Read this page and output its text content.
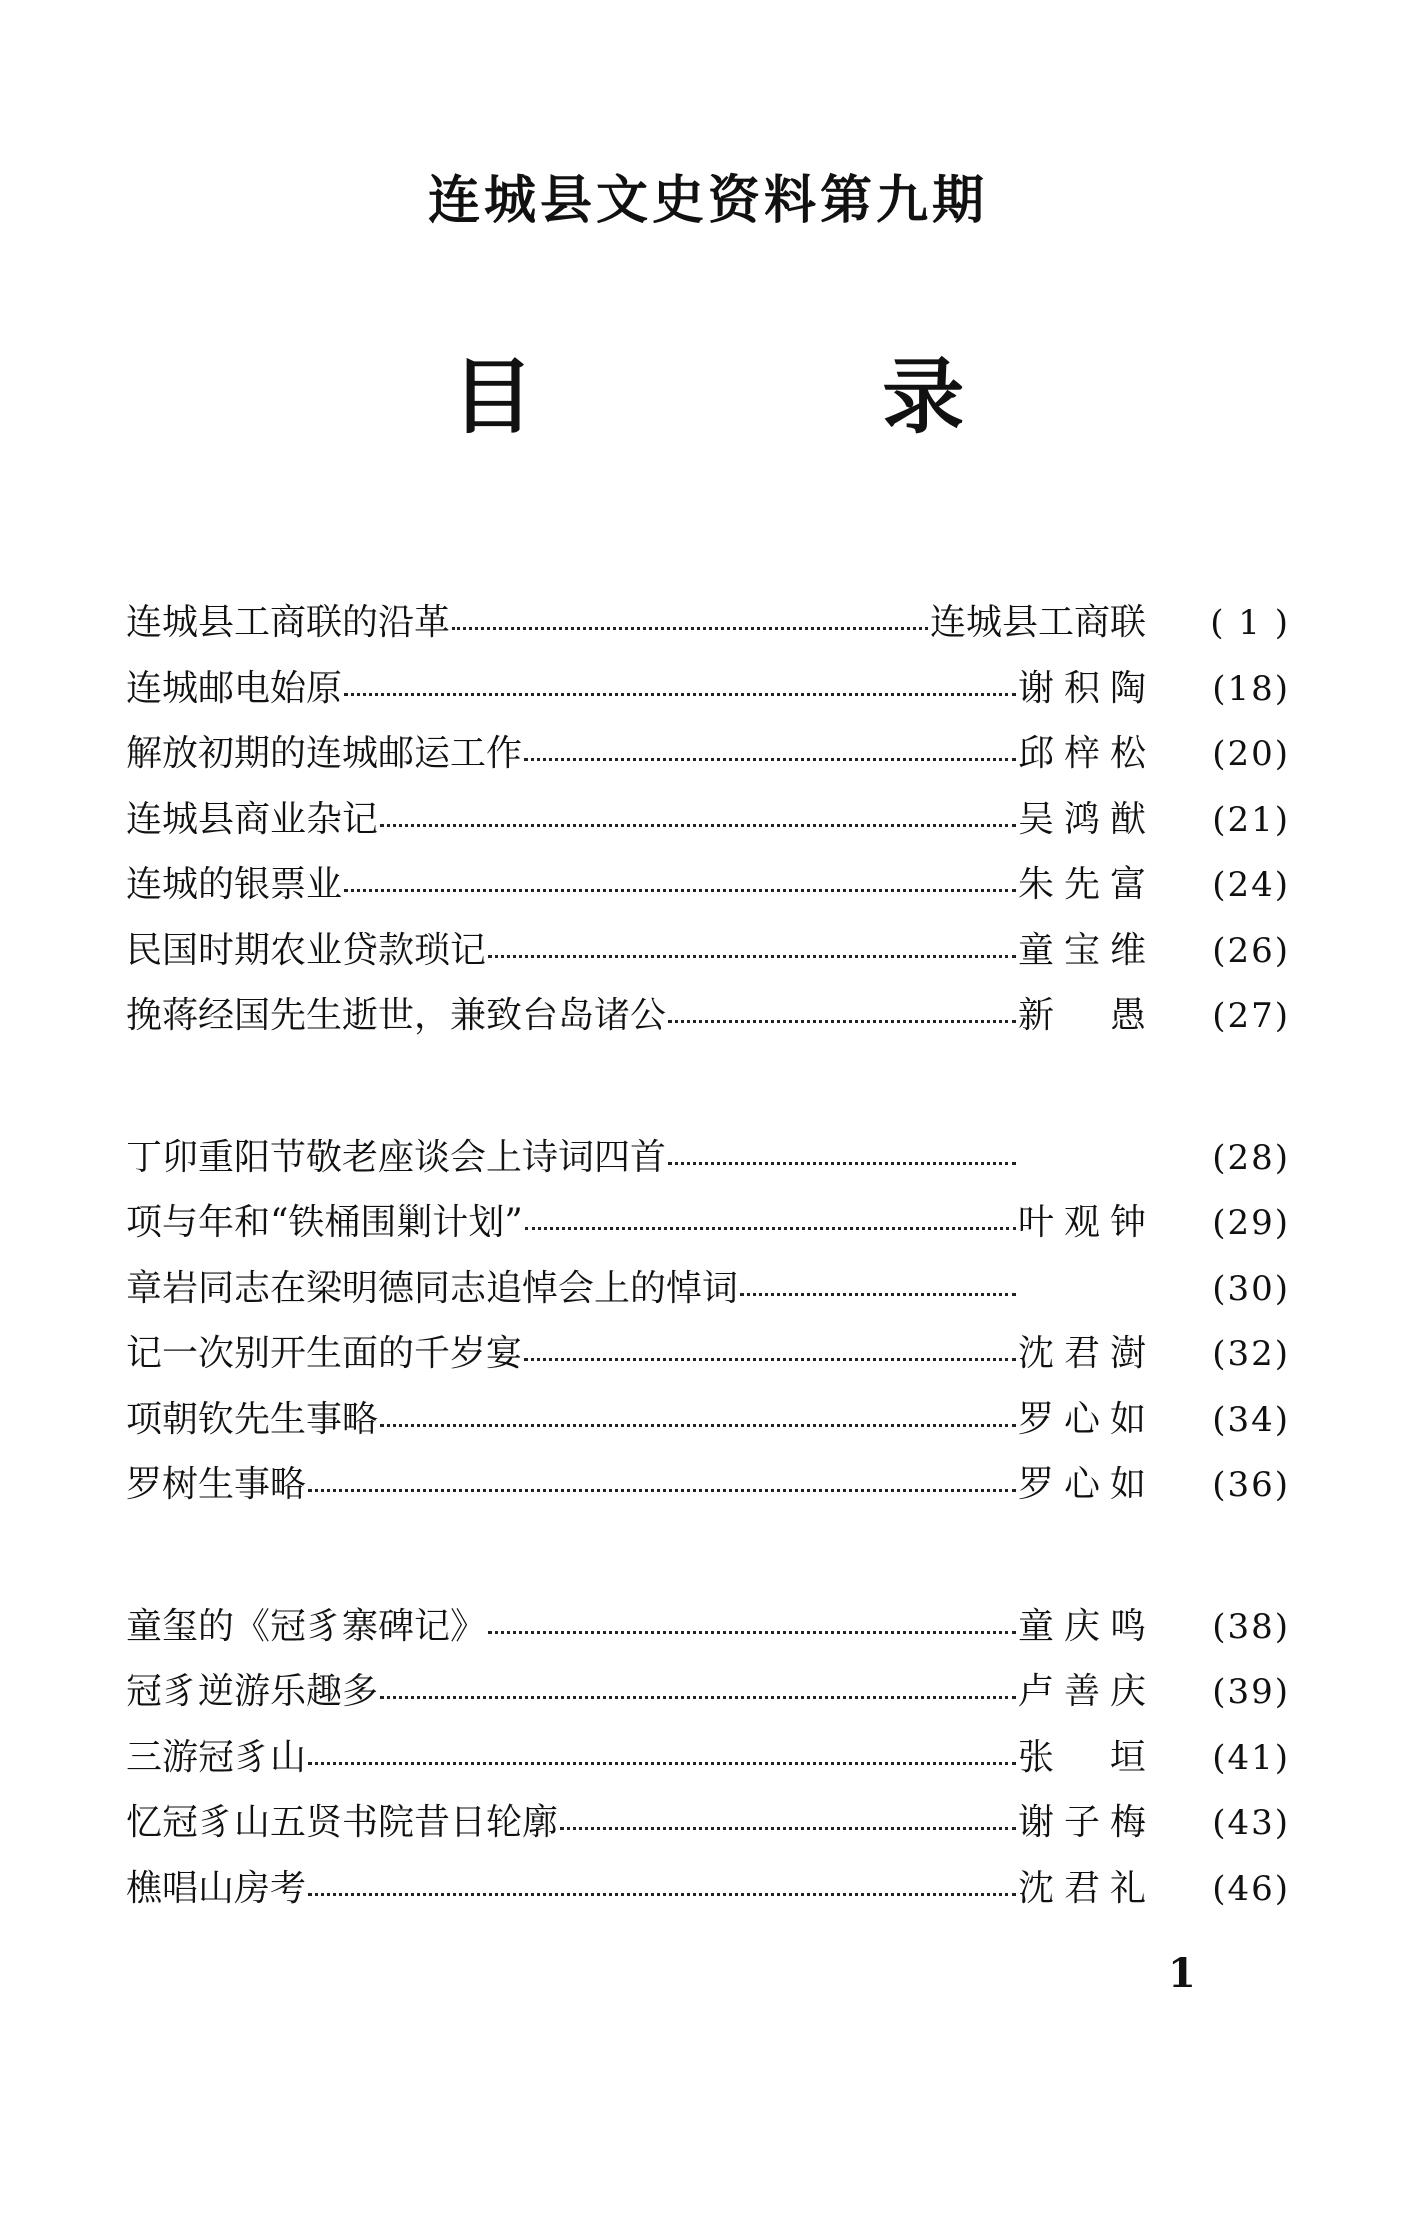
连城县文史资料第九期
目 录
连城县工商联的沿革	连城县工商联	( 1 )
连城邮电始原	谢积陶	(18)
解放初期的连城邮运工作	邱梓松	(20)
连城县商业杂记	吴鸿猷	(21)
连城的银票业	朱先富	(24)
民国时期农业贷款琐记	童宝维	(26)
挽蒋经国先生逝世，兼致台岛诸公	新 愚	(27)
丁卯重阳节敬老座谈会上诗词四首	(28)
项与年和“铁桶围剿计划”	叶观钟	(29)
章岩同志在梁明德同志追悼会上的悼词	(30)
记一次别开生面的千岁宴	沈君澍	(32)
项朝钦先生事略	罗心如	(34)
罗树生事略	罗心如	(36)
童玺的《冠豸寨碑记》	童庆鸣	(38)
冠豸逆游乐趣多	卢善庆	(39)
三游冠豸山	张 垣	(41)
忆冠豸山五贤书院昔日轮廓	谢子梅	(43)
樵唱山房考	沈君礼	(46)
1
